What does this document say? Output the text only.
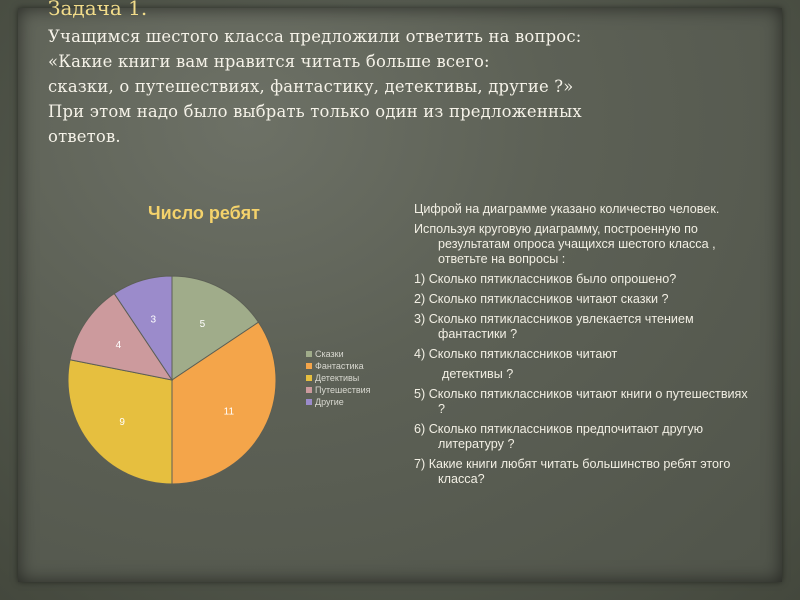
Задача 1.

Учащимся шестого класса предложили ответить на вопрос:

«Какие книги вам нравится читать больше всего:

сказки, о путешествиях, фантастику, детективы, другие ?»

При этом надо было выбрать только один из предложенных

ответов.

Число ребят
5
11
9
4
3
Сказки
Фантастика
Детективы
Путешествия
Другие

Цифрой на диаграмме указано количество человек.

Используя круговую диаграмму, построенную по результатам опроса учащихся шестого класса , ответьте на вопросы :

1) Сколько пятиклассников было опрошено?

2) Сколько пятиклассников читают сказки ?

3) Сколько пятиклассников увлекается чтением фантастики ?

4) Сколько пятиклассников читают

детективы ?

5) Сколько пятиклассников читают книги о путешествиях ?

6) Сколько пятиклассников предпочитают другую литературу ?

7) Какие книги любят читать большинство ребят этого класса?
